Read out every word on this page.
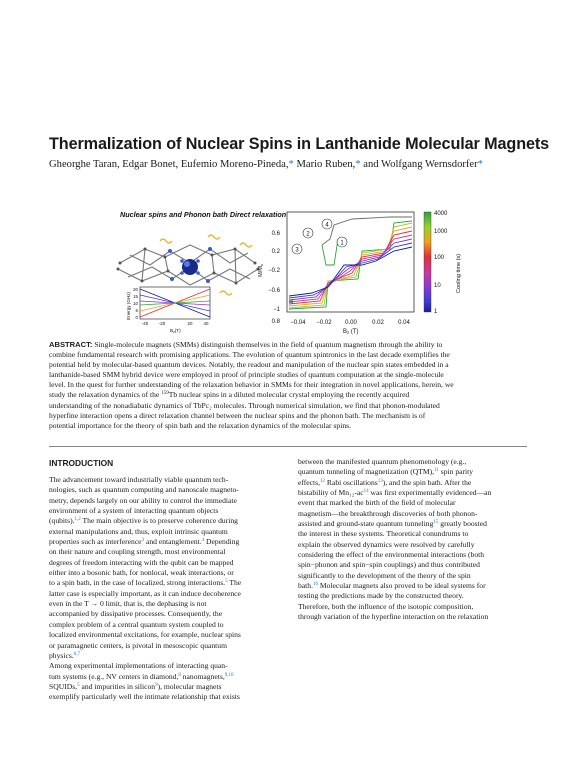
Thermalization of Nuclear Spins in Lanthanide Molecular Magnets
Gheorghe Taran, Edgar Bonet, Eufemio Moreno-Pineda,* Mario Ruben,* and Wolfgang Wernsdorfer*
Nuclear spins and Phonon bath Direct relaxation
Energy (GHz)
20
15
10
5
0
-40 -20	20	40
$B_z(T)$
1
2
3
4
a)
M/Ms
0.6
0.2
−0.2
−0.6
−1
0.8 −0.04 −0.02 0.00	0.02 0.04
Bz (T)
4000
1000
100
10
1
Cooling time (s)
ABSTRACT: Single-molecule magnets (SMMs) distinguish themselves in the field of quantum magnetism through the ability to
combine fundamental research with promising applications. The evolution of quantum spintronics in the last decade exemplifies the
potential held by molecular-based quantum devices. Notably, the readout and manipulation of the nuclear spin states embedded in a
lanthanide-based SMM hybrid device were employed in proof of principle studies of quantum computation at the single-molecule
level. In the quest for further understanding of the relaxation behavior in SMMs for their integration in novel applications, herein, we
study the relaxation dynamics of the $^{159}$Tb nuclear spins in a diluted molecular crystal employing the recently acquired
understanding of the nonadiabatic dynamics of TbPc₂ molecules. Through numerical simulation, we find that phonon-modulated
hyperfine interaction opens a direct relaxation channel between the nuclear spins and the phonon bath. The mechanism is of
potential importance for the theory of spin bath and the relaxation dynamics of the molecular spins.
INTRODUCTION
The advancement toward industrially viable quantum tech-
nologies, such as quantum computing and nanoscale magneto-
metry, depends largely on our ability to control the immediate
environment of a system of interacting quantum objects
(qubits).$^{1,2}$ The main objective is to preserve coherence during
external manipulations and, thus, exploit intrinsic quantum
properties such as interference$^3$ and entanglement.$^4$ Depending
on their nature and coupling strength, most environmental
degrees of freedom interacting with the qubit can be mapped
either into a bosonic bath, for nonlocal, weak interactions, or
to a spin bath, in the case of localized, strong interactions.$^5$ The
latter case is especially important, as it can induce decoherence
even in the T → 0 limit, that is, the dephasing is not
accompanied by dissipative processes. Consequently, the
complex problem of a central quantum system coupled to
localized environmental excitations, for example, nuclear spins
or paramagnetic centers, is pivotal in mesoscopic quantum
physics.$^{6,7}$
Among experimental implementations of interacting quan-
tum systems (e.g., NV centers in diamond,$^8$ nanomagnets,$^{9,10}$
SQUIDs,$^5$ and impurities in silicon$^9$), molecular magnets
exemplify particularly well the intimate relationship that exists
between the manifested quantum phenomenology (e.g.,
quantum tunneling of magnetization (QTM),$^{11}$ spin parity
effects,$^{12}$ Rabi oscillations$^{13}$), and the spin bath. After the
bistability of Mn₁₂-$ac^{14}$ was first experimentally evidenced—an
event that marked the birth of the field of molecular
magnetism—the breakthrough discoveries of both phonon-
assisted and ground-state quantum tunneling$^{15}$ greatly boosted
the interest in these systems. Theoretical conundrums to
explain the observed dynamics were resolved by carefully
considering the effect of the environmental interactions (both
spin−phonon and spin−spin couplings) and thus contributed
significantly to the development of the theory of the spin
bath.$^{16}$ Molecular magnets also proved to be ideal systems for
testing the predictions made by the constructed theory.
Therefore, both the influence of the isotopic composition,
through variation of the hyperfine interaction on the relaxation
